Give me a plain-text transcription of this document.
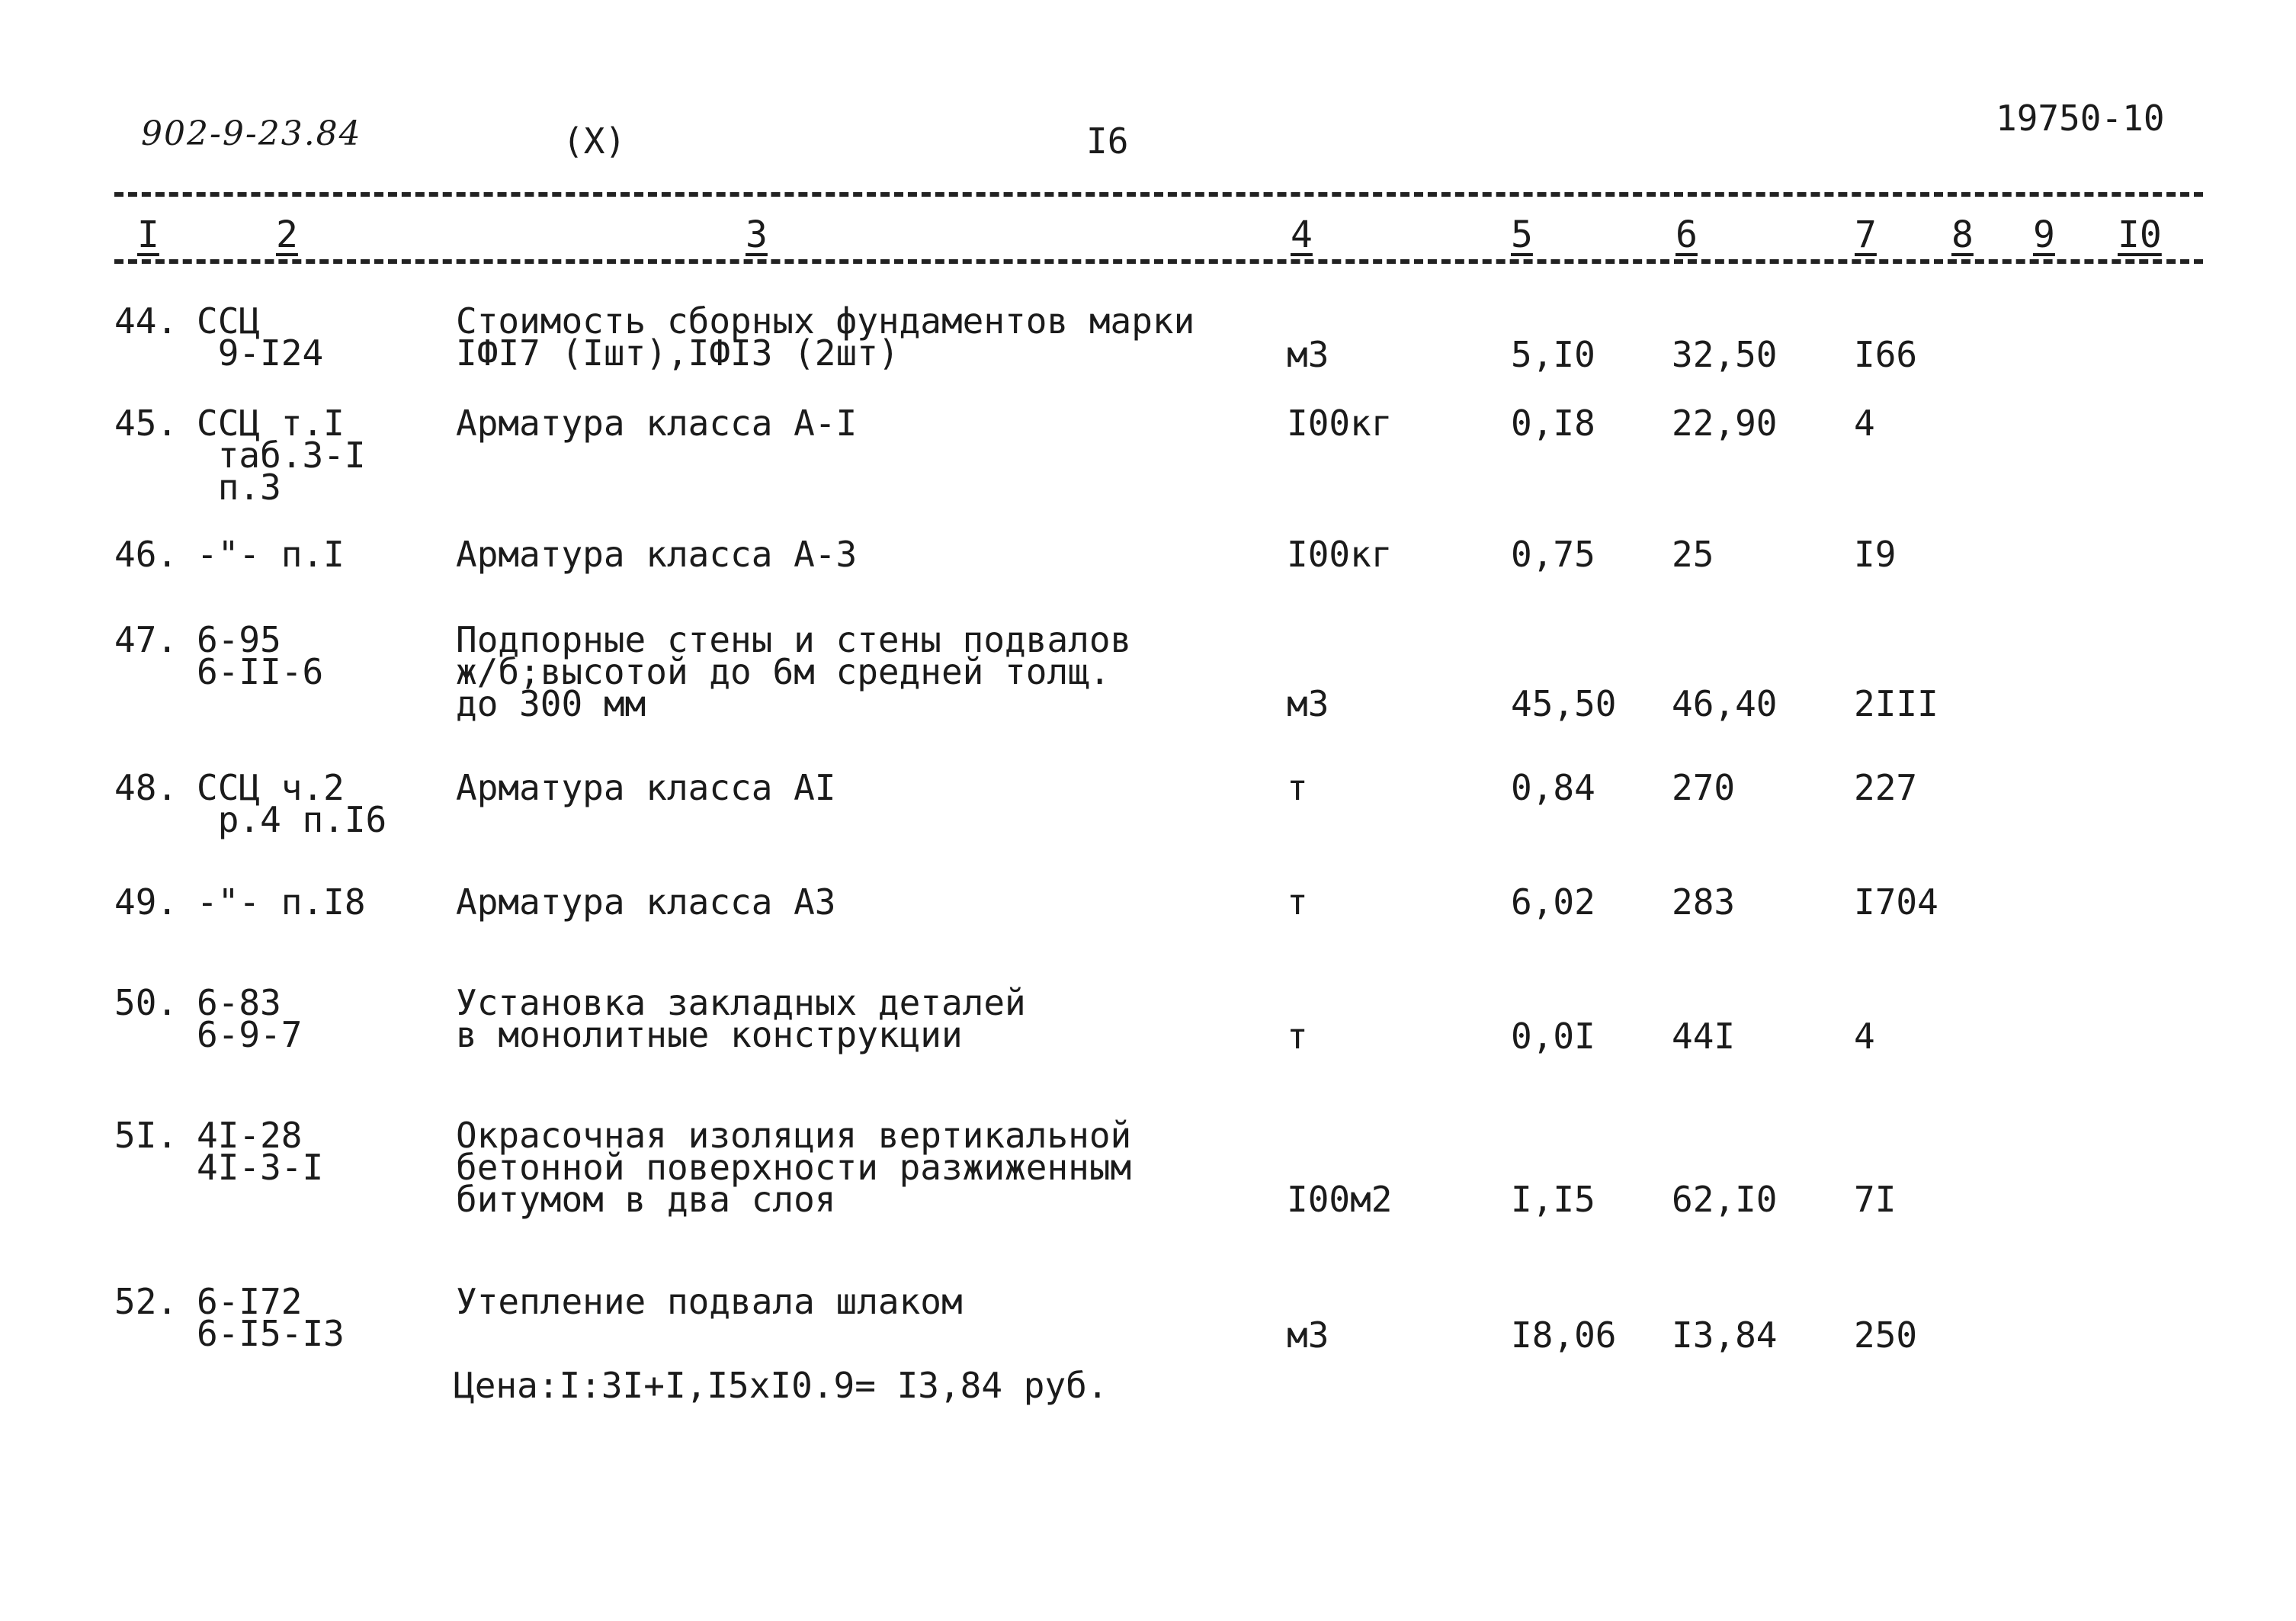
902-9-23.84	(X)	I6
19750-10
I	2	3	4	5	6	7 8 9 I0
44. ССЦ
9-I24
Стоимость сборных фундаментов марки
IФI7 (Iшт),IФI3 (2шт)	м3	5,I0 32,50 I66
45. ССЦ т.I
таб.3-I
п.3
Арматура класса А-I	I00кг	0,I8 22,90 4
46. -"- п.I	Арматура класса А-3	I00кг	0,75 25	I9
47. 6-95
6-II-6
Подпорные стены и стены подвалов
ж/б;высотой до 6м средней толщ.
до 300 мм	м3	45,50 46,40 2III
48. ССЦ ч.2
р.4 п.I6
Арматура класса АI	т	0,84 270	227
49. -"- п.I8	Арматура класса А3	т	6,02 283	I704
50. 6-83
6-9-7
Установка закладных деталей
в монолитные конструкции	т	0,0I 44I	4
5I. 4I-28
4I-3-I
Окрасочная изоляция вертикальной
бетонной поверхности разжиженным
битумом в два слоя	I00м2	I,I5 62,I0 7I
52. 6-I72
6-I5-I3
Утепление подвала шлаком
м3	I8,06 I3,84 250
Цена:I:3I+I,I5хI0.9= I3,84 руб.
